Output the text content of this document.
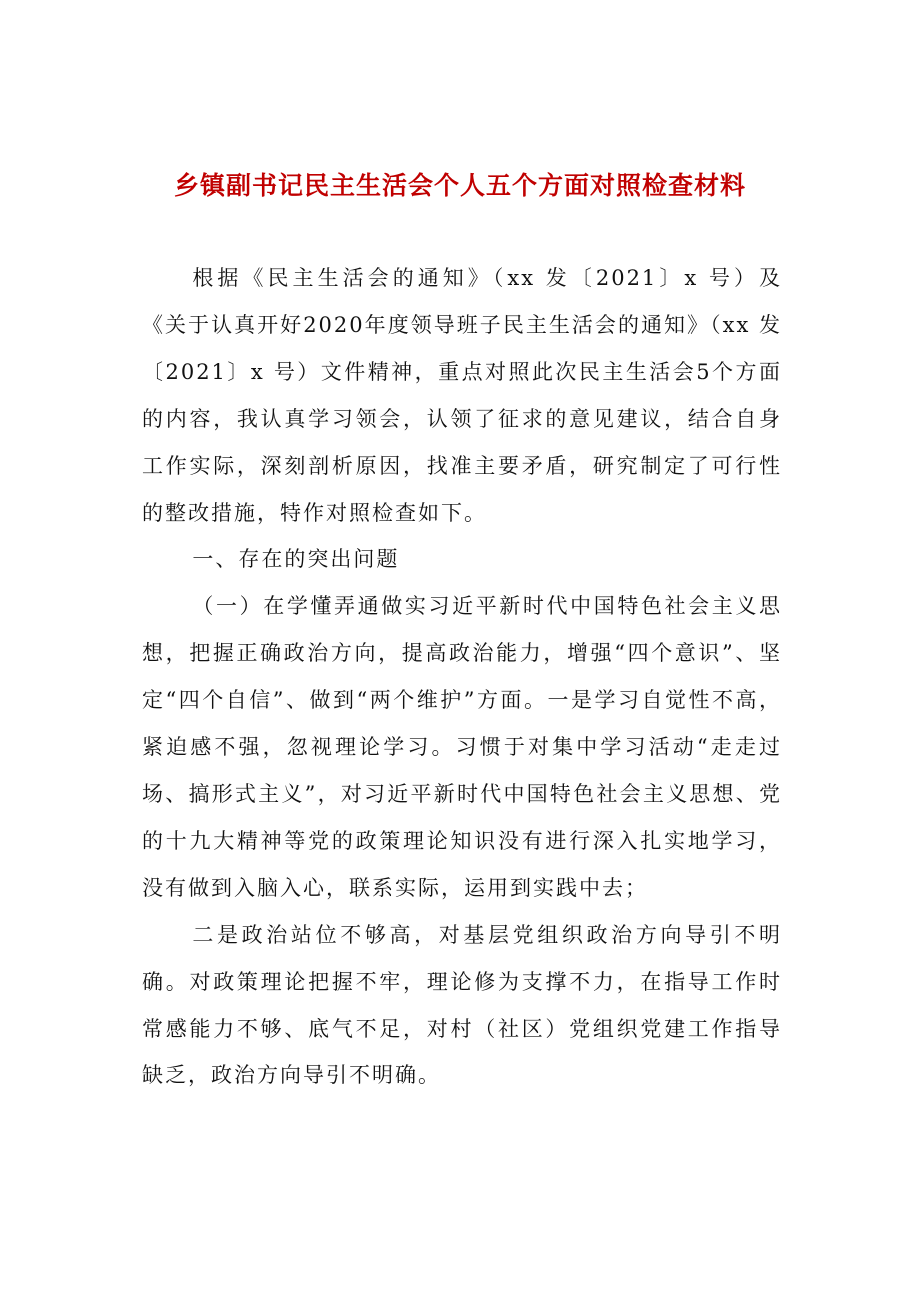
乡镇副书记民主生活会个人五个方面对照检查材料

根据《民主生活会的通知》（xx 发〔2021〕x 号）及《关于认真开好2020年度领导班子民主生活会的通知》（xx 发〔2021〕x 号）文件精神，重点对照此次民主生活会5个方面的内容，我认真学习领会，认领了征求的意见建议，结合自身工作实际，深刻剖析原因，找准主要矛盾，研究制定了可行性的整改措施，特作对照检查如下。

一、存在的突出问题

（一）在学懂弄通做实习近平新时代中国特色社会主义思想，把握正确政治方向，提高政治能力，增强“四个意识”、坚定“四个自信”、做到“两个维护”方面。一是学习自觉性不高，紧迫感不强，忽视理论学习。习惯于对集中学习活动“走走过场、搞形式主义”，对习近平新时代中国特色社会主义思想、党的十九大精神等党的政策理论知识没有进行深入扎实地学习，没有做到入脑入心，联系实际，运用到实践中去；

二是政治站位不够高，对基层党组织政治方向导引不明确。对政策理论把握不牢，理论修为支撑不力，在指导工作时常感能力不够、底气不足，对村（社区）党组织党建工作指导缺乏，政治方向导引不明确。
